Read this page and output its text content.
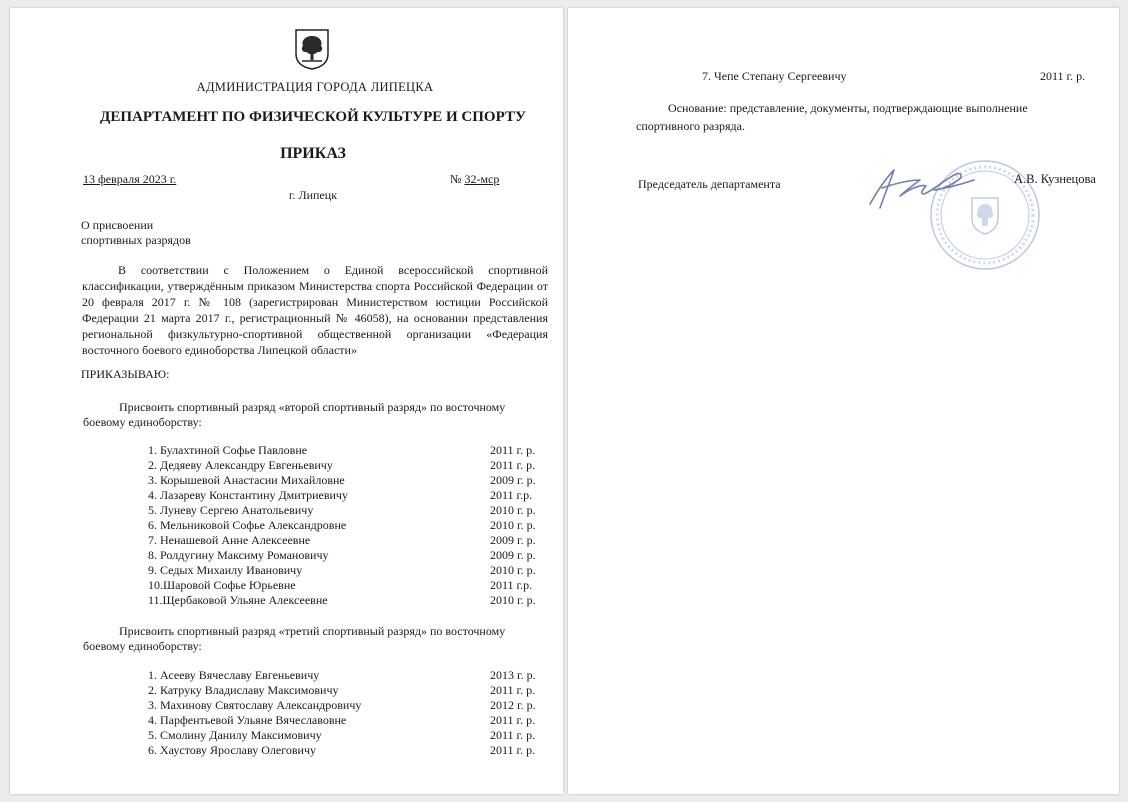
АДМИНИСТРАЦИЯ ГОРОДА ЛИПЕЦКА
ДЕПАРТАМЕНТ ПО ФИЗИЧЕСКОЙ КУЛЬТУРЕ И СПОРТУ
ПРИКАЗ
13 февраля 2023 г.	№ 32-мср
г. Липецк
О присвоении
спортивных разрядов
В соответствии с Положением о Единой всероссийской спортивной классификации, утверждённым приказом Министерства спорта Российской Федерации от 20 февраля 2017 г. № 108 (зарегистрирован Министерством юстиции Российской Федерации 21 марта 2017 г., регистрационный № 46058), на основании представления региональной физкультурно-спортивной общественной организации «Федерация восточного боевого единоборства Липецкой области»
ПРИКАЗЫВАЮ:
Присвоить спортивный разряд «второй спортивный разряд» по восточному боевому единоборству:
1. Булахтиной Софье Павловне	2011 г. р.
2. Дедяеву Александру Евгеньевичу	2011 г. р.
3. Корышевой Анастасии Михайловне	2009 г. р.
4. Лазареву Константину Дмитриевичу	2011 г.р.
5. Луневу Сергею Анатольевичу	2010 г. р.
6. Мельниковой Софье Александровне	2010 г. р.
7. Ненашевой Анне Алексеевне	2009 г. р.
8. Ролдугину Максиму Романовичу	2009 г. р.
9. Седых Михаилу Ивановичу	2010 г. р.
10.Шаровой Софье Юрьевне	2011 г.р.
11.Щербаковой Ульяне Алексеевне	2010 г. р.
Присвоить спортивный разряд «третий спортивный разряд» по восточному боевому единоборству:
1. Асееву Вячеславу Евгеньевичу	2013 г. р.
2. Катруку Владиславу Максимовичу	2011 г. р.
3. Махинову Святославу Александровичу	2012 г. р.
4. Парфентьевой Ульяне Вячеславовне	2011 г. р.
5. Смолину Данилу Максимовичу	2011 г. р.
6. Хаустову Ярославу Олеговичу	2011 г. р.
7. Чепе Степану Сергеевичу	2011 г. р.
Основание: представление, документы, подтверждающие выполнение спортивного разряда.
Председатель департамента	А.В. Кузнецова
